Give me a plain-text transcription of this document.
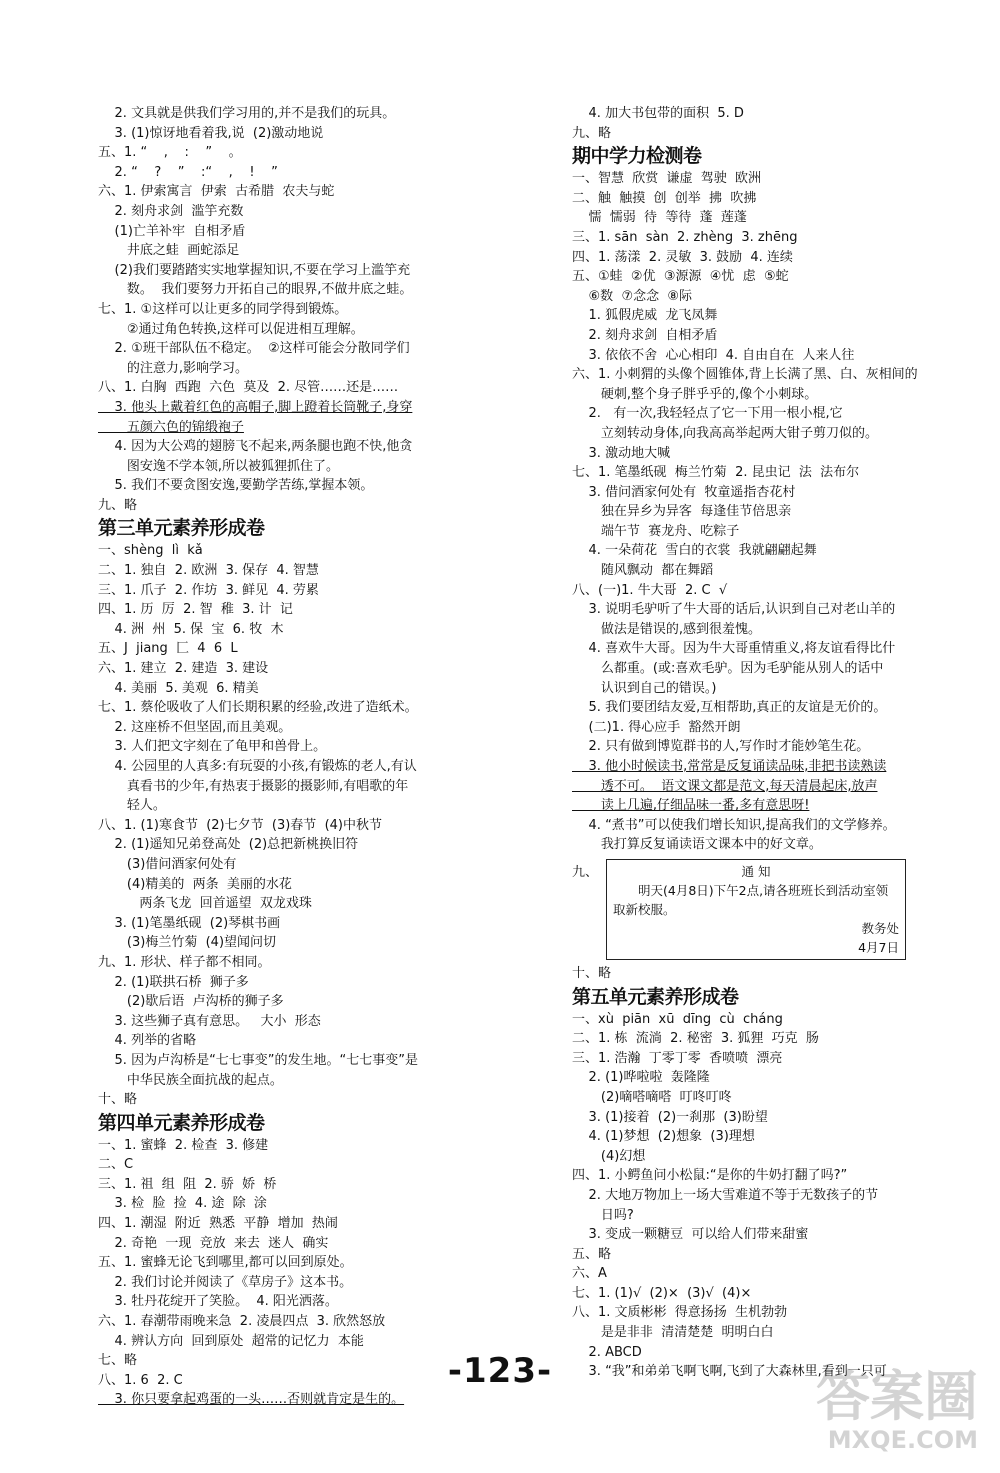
2. 文具就是供我们学习用的,并不是我们的玩具。
3. (1)惊讶地看着我,说  (2)激动地说
五、1. “    ,    :    ”    。
2. “    ?    ”    :“    ,    !    ”
六、1. 伊索寓言  伊索  古希腊  农夫与蛇
2. 刻舟求剑  滥竽充数
(1)亡羊补牢  自相矛盾
井底之蛙  画蛇添足
(2)我们要踏踏实实地掌握知识,不要在学习上滥竽充
数。  我们要努力开拓自己的眼界,不做井底之蛙。
七、1. ①这样可以让更多的同学得到锻炼。
②通过角色转换,这样可以促进相互理解。
2. ①班干部队伍不稳定。  ②这样可能会分散同学们
的注意力,影响学习。
八、1. 白胸  西跑  六色  莫及  2. 尽管……还是……
3. 他头上戴着红色的高帽子,脚上蹬着长筒靴子,身穿
五颜六色的锦缎袍子
4. 因为大公鸡的翅膀飞不起来,两条腿也跑不快,他贪
图安逸不学本领,所以被狐狸抓住了。
5. 我们不要贪图安逸,要勤学苦练,掌握本领。
九、略
第三单元素养形成卷
一、shèng  lì  kǎ
二、1. 独自  2. 欧洲  3. 保存  4. 智慧
三、1. 爪子  2. 作坊  3. 鲜见  4. 劳累
四、1. 历  厉  2. 智  稚  3. 计  记
4. 洲  州  5. 保  宝  6. 牧  木
五、J  jiang  匚  4  6  L
六、1. 建立  2. 建造  3. 建设
4. 美丽  5. 美观  6. 精美
七、1. 蔡伦吸收了人们长期积累的经验,改进了造纸术。
2. 这座桥不但坚固,而且美观。
3. 人们把文字刻在了龟甲和兽骨上。
4. 公园里的人真多:有玩耍的小孩,有锻炼的老人,有认
真看书的少年,有热衷于摄影的摄影师,有唱歌的年
轻人。
八、1. (1)寒食节  (2)七夕节  (3)春节  (4)中秋节
2. (1)遥知兄弟登高处  (2)总把新桃换旧符
(3)借问酒家何处有
(4)精美的  两条  美丽的水花
两条飞龙  回首遥望  双龙戏珠
3. (1)笔墨纸砚  (2)琴棋书画
(3)梅兰竹菊  (4)望闻问切
九、1. 形状、样子都不相同。
2. (1)联拱石桥  狮子多
(2)歇后语  卢沟桥的狮子多
3. 这些狮子真有意思。   大小  形态
4. 列举的省略
5. 因为卢沟桥是“七七事变”的发生地。“七七事变”是
中华民族全面抗战的起点。
十、略
第四单元素养形成卷
一、1. 蜜蜂  2. 检查  3. 修建
二、C
三、1. 祖  组  阻  2. 骄  娇  桥
3. 检  脸  捡  4. 途  除  涂
四、1. 潮湿  附近  熟悉  平静  增加  热闹
2. 奇艳  一现  竞放  来去  迷人  确实
五、1. 蜜蜂无论飞到哪里,都可以回到原处。
2. 我们讨论并阅读了《草房子》这本书。
3. 牡丹花绽开了笑脸。  4. 阳光洒落。
六、1. 春潮带雨晚来急  2. 凌晨四点  3. 欣然怒放
4. 辨认方向  回到原处  超常的记忆力  本能
七、略
八、1. 6  2. C
3. 你只要拿起鸡蛋的一头……否则就肯定是生的。
4. 加大书包带的面积  5. D
九、略
期中学力检测卷
一、智慧  欣赏  谦虚  驾驶  欧洲
二、触  触摸  创  创举  拂  吹拂
懦  懦弱  待  等待  蓬  莲蓬
三、1. sān  sàn  2. zhèng  3. zhēng
四、1. 荡漾  2. 灵敏  3. 鼓励  4. 连续
五、①蛙  ②优  ③源源  ④忧  虑  ⑤蛇
⑥数  ⑦念念  ⑧际
1. 狐假虎威  龙飞凤舞
2. 刻舟求剑  自相矛盾
3. 依依不舍  心心相印  4. 自由自在  人来人往
六、1. 小刺猬的头像个圆锥体,背上长满了黑、白、灰相间的
硬刺,整个身子胖乎乎的,像个小刺球。
2.   有一次,我轻轻点了它一下用一根小棍,它
立刻转动身体,向我高高举起两大钳子剪刀似的。
3. 激动地大喊
七、1. 笔墨纸砚  梅兰竹菊  2. 昆虫记  法  法布尔
3. 借问酒家何处有  牧童遥指杏花村
独在异乡为异客  每逢佳节倍思亲
端午节  赛龙舟、吃粽子
4. 一朵荷花  雪白的衣裳  我就翩翩起舞
随风飘动  都在舞蹈
八、(一)1. 牛大哥  2. C  √
3. 说明毛驴听了牛大哥的话后,认识到自己对老山羊的
做法是错误的,感到很羞愧。
4. 喜欢牛大哥。因为牛大哥重情重义,将友谊看得比什
么都重。(或:喜欢毛驴。因为毛驴能从别人的话中
认识到自己的错误。)
5. 我们要团结友爱,互相帮助,真正的友谊是无价的。
(二)1. 得心应手  豁然开朗
2. 只有做到博览群书的人,写作时才能妙笔生花。
3. 他小时候读书,常常是反复诵读品味,非把书读熟读
透不可。  语文课文都是范文,每天清晨起床,放声
读上几遍,仔细品味一番,多有意思呀!
4. “煮书”可以使我们增长知识,提高我们的文学修养。
我打算反复诵读语文课本中的好文章。
九、	通 知
明天(4月8日)下午2点,请各班班长到活动室领取新校服。
教务处
4月7日
十、略
第五单元素养形成卷
一、xù  piān  xū  dīng  cù  cháng
二、1. 栋  流淌  2. 秘密  3. 狐狸  巧克  肠
三、1. 浩瀚  丁零丁零  香喷喷  漂亮
2. (1)哗啦啦  轰隆隆
(2)嘀嗒嘀嗒  叮咚叮咚
3. (1)接着  (2)一刹那  (3)盼望
4. (1)梦想  (2)想象  (3)理想
(4)幻想
四、1. 小鳄鱼问小松鼠:“是你的牛奶打翻了吗?”
2. 大地万物加上一场大雪难道不等于无数孩子的节
日吗?
3. 变成一颗糖豆  可以给人们带来甜蜜
五、略
六、A
七、1. (1)√  (2)×  (3)√  (4)×
八、1. 文质彬彬  得意扬扬  生机勃勃
是是非非  清清楚楚  明明白白
2. ABCD
3. “我”和弟弟飞啊飞啊,飞到了大森林里,看到一只可
-123-	答案圈
MXQE.COM
